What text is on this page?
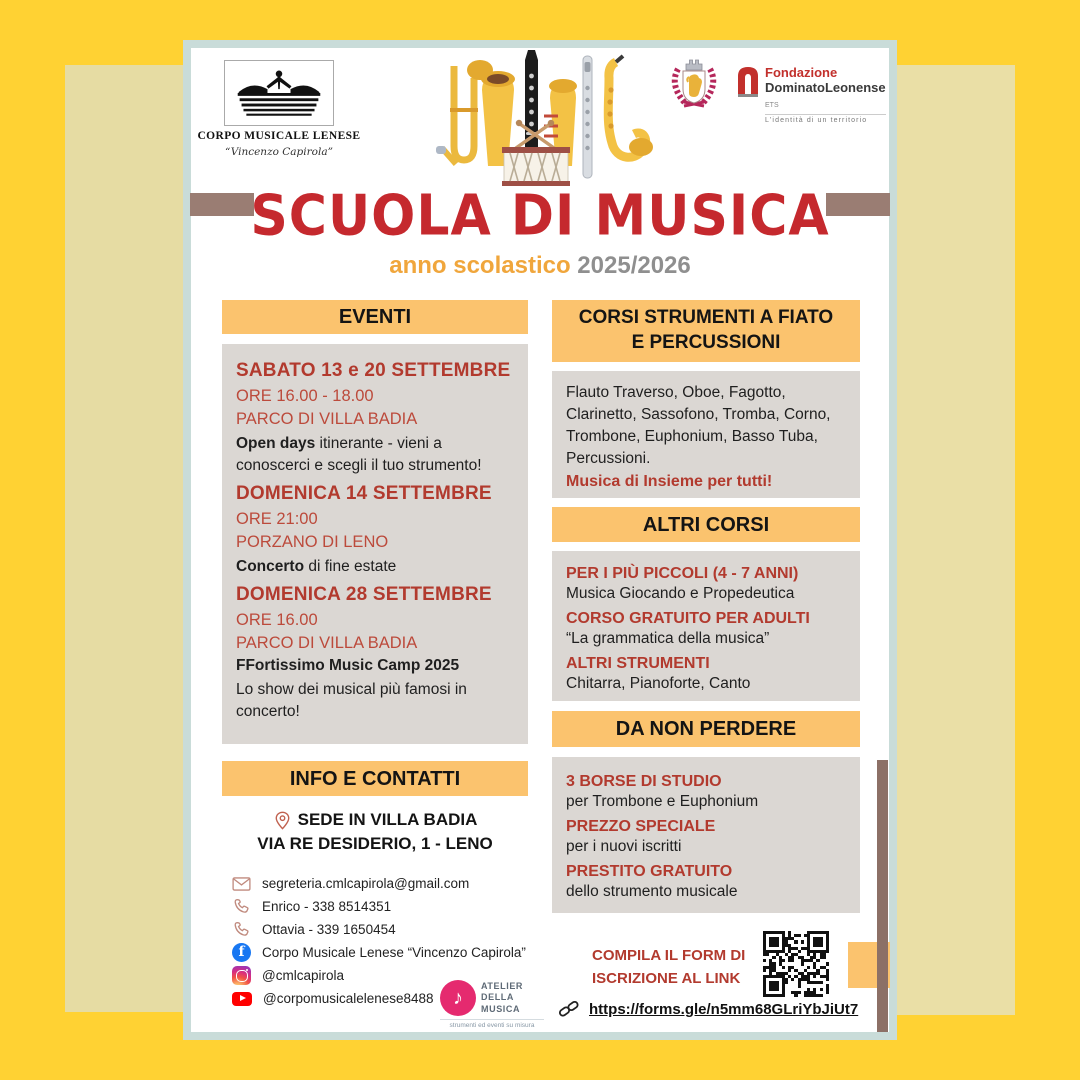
CORPO MUSICALE LENESE
“Vincenzo Capirola”
Fondazione
DominatoLeonense ETS
L'identità di un territorio
SCUOLA DI MUSICA
anno scolastico 2025/2026
EVENTI
SABATO 13 e 20 SETTEMBRE
ORE 16.00 - 18.00
PARCO DI VILLA BADIA

Open days itinerante - vieni a conoscerci e scegli il tuo strumento!

DOMENICA 14 SETTEMBRE
ORE 21:00
PORZANO DI LENO

Concerto di fine estate

DOMENICA 28 SETTEMBRE
ORE 16.00
PARCO DI VILLA BADIA
FFortissimo Music Camp 2025

Lo show dei musical più famosi in concerto!

INFO E CONTATTI
SEDE IN VILLA BADIA
VIA RE DESIDERIO, 1 - LENO
segreteria.cmlcapirola@gmail.com
Enrico - 338 8514351
Ottavia - 339 1650454
f	Corpo Musicale Lenese “Vincenzo Capirola”
@cmlcapirola
@corpomusicalelenese8488 ♪
ATELIER
DELLA
MUSICA
strumenti ed eventi su misura
CORSI STRUMENTI A FIATO
E PERCUSSIONI
Flauto Traverso, Oboe, Fagotto, Clarinetto, Sassofono, Tromba, Corno, Trombone, Euphonium, Basso Tuba, Percussioni.
Musica di Insieme per tutti!
ALTRI CORSI
PER I PIÙ PICCOLI (4 - 7 ANNI)
Musica Giocando e Propedeutica
CORSO GRATUITO PER ADULTI
“La grammatica della musica”
ALTRI STRUMENTI
Chitarra, Pianoforte, Canto
DA NON PERDERE
3 BORSE DI STUDIO
per Trombone e Euphonium
PREZZO SPECIALE
per i nuovi iscritti
PRESTITO GRATUITO
dello strumento musicale
COMPILA IL FORM DI
ISCRIZIONE AL LINK
https://forms.gle/n5mm68GLriYbJiUt7
